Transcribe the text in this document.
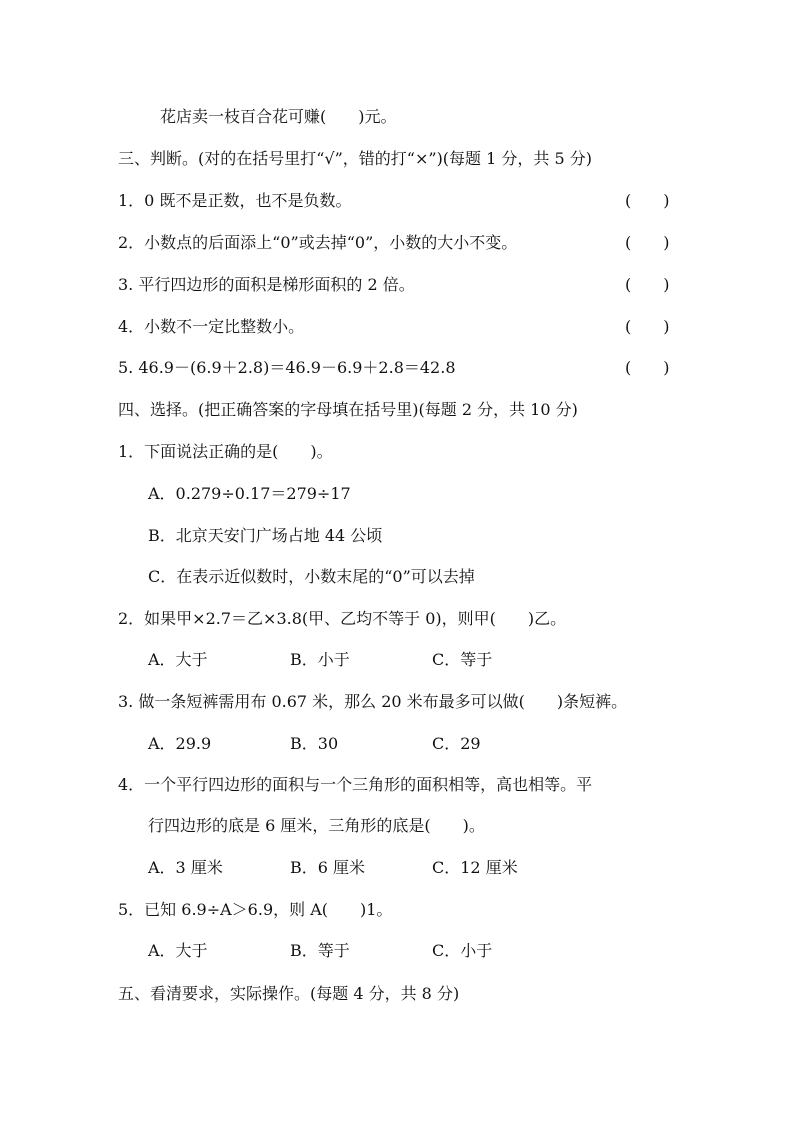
花店卖一枝百合花可赚(　　)元。
三、判断。(对的在括号里打“√”，错的打“×”)(每题 1 分，共 5 分)
1．0 既不是正数，也不是负数。	(　　)
2．小数点的后面添上“0”或去掉“0”，小数的大小不变。	(　　)
3. 平行四边形的面积是梯形面积的 2 倍。	(　　)
4．小数不一定比整数小。	(　　)
5. 46.9－(6.9＋2.8)＝46.9－6.9＋2.8＝42.8	(　　)
四、选择。(把正确答案的字母填在括号里)(每题 2 分，共 10 分)
1．下面说法正确的是(　　)。
A．0.279÷0.17＝279÷17
B．北京天安门广场占地 44 公顷
C．在表示近似数时，小数末尾的“0”可以去掉
2．如果甲×2.7＝乙×3.8(甲、乙均不等于 0)，则甲(　　)乙。
A．大于	B．小于	C．等于
3. 做一条短裤需用布 0.67 米，那么 20 米布最多可以做(　　)条短裤。
A．29.9	B．30	C．29
4．一个平行四边形的面积与一个三角形的面积相等，高也相等。平
行四边形的底是 6 厘米，三角形的底是(　　)。
A．3 厘米	B．6 厘米	C．12 厘米
5．已知 6.9÷A＞6.9，则 A(　　)1。
A．大于	B．等于	C．小于
五、看清要求，实际操作。(每题 4 分，共 8 分)
